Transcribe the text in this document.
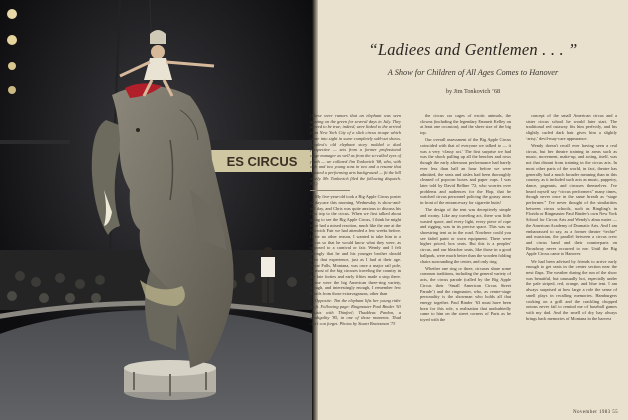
ES CIRCUS
“Ladiees and Gentlemen . . . ”
A Show for Children of All Ages Comes to Hanover
by Jim Tonkovich ’68
(These were rumors that an elephant was seen grazing on the green for several days in July. They proved to be true; indeed, were linked to the arrival from New York City of a slick circus troupe which came into sight in some completely odd-out shows. Amplest's old elephant story molded a dual perspective — sets from a former professional stage manager as well as from the so-called eyes of youth — we collared Jim Tonkovich '68, who, with wife and two young sons in tow and a resume that boasted a performing arts background — fit the bill nicely. Mr. Tonkovich filed the following dispatch. Ed.)

My five-year-old took a Big Apple Circus poster to daycare this morning. Wednesday is show-and-tell day, and Chris was quite anxious to discuss his first trip to the circus. When we first talked about going to see the Big Apple Circus, I think he might have had a mixed reaction, much like the one at the Norwich Fair we had attended a few weeks before. If for no other reason, I wanted to take him to a circus so that he would know what they were, as opposed to a carnival or fair. Wendy and I felt strongly that he and his younger brother should have that experience, just as I had at their age. Great Falls, Montana, was once a major rail pole, so most of the big circuses traveling the country in the late forties and early fifties made a stop there. Those were the big American three-ring variety, though, and interestingly enough, I remember few details from those extravaganzas, other than

Opposite: Tim the elephant lifts her young rider aloft. Following page: Ringmaster Paul Binder '63 assists with Thinfeel; Thaddeus Pardon, a prodigality '85, in one of those moments. Thud can't con forget. Photos by Stuart Bratesman '73

the circus car cages of exotic animals, the clowns (including the legendary Emmett Kelley on at least one occasion), and the sheer size of the big top.

Our overall assessment of the Big Apple Circus coincided with that of everyone we talked to — it was a very ‘classy act.’ The first surprise we had was the shock pulling up all the benches and rows though the early afternoon performance had barely ever less than half an hour before we were admitted, the seats and aisles had been thoroughly cleaned of popcorn boxes and paper cups. I was later told by David Belline '72, who worries over problems and audiences for the Hop, that he watched circus personnel policing the grassy areas in front of the entranceway for cigarette butts!

The design of the tent was deceptively simple and roomy. Like any traveling act, there was little wasted space, and every light, every piece of rope and rigging, was in its precise space. This was no shoestring tent as in the road. Nowhere could you see faded paint or worn equipment. There were higher priced, box seats. But this is a peoples' circus, and our bleacher seats, like those in a good ballpark, were much better than the wooden folding chairs surrounding the center, and only ring.

Whether one ring or three, circuses share some common traditions, including the general variety of acts, the circus parade (called by the Big Apple Circus their ‘Small American Circus Street Parade’) and the ringmaster, who, as centre-stage personality is the showman who holds all that energy together. Paul Binder ’63 must have been born for this role, a realization that undoubtedly came to him on the street corners of Paris as he toyed with the

concept of the small American circus and a sister circus school he would later start. The traditional red cutaway fits him perfectly, and his slightly curled dark hair gives him a slightly ‘artsy,’ devil-may-care appearance.

Wendy doesn't recall ever having seen a real circus, but her theatre training in areas such as music, movement, make-up, and acting, itself, was not that distant from training in the circus arts. In most other parts of the world, in fact, theatre has generally had a much broader meaning than in this country, as it included such acts as music, puppetry, dance, pageants, and circuses themselves. I've heard myself say “circus performers” many times, though never once in the same breath as “stage performer.” I've never thought of the similarities between circus schools, such as Ringling's in Florida or Ringmaster Paul Binder's own New York School for Circus Arts and Wendy's alma mater — the American Academy of Dramatic Arts. And I am embarrassed to say, as a former theatre “techie” and musician, the parallel between a circus crew and circus band and their counterparts on Broadway never occurred to me. Until the Big Apple Circus came to Hanover.

We had been advised by friends to arrive early enough to get seats in the center section near the next flaps. The weather during the run of the show was beautiful, but unusually hot, especially under the pale striped, red, orange, and blue tent. I am always surprised at how large a role the sense of smell plays in recalling memories. Hamburgers cooking on a grill and the crackling chopped onions never fail to remind me of baseball games with my dad. And the smell of dry hay always brings back memories of Montana in the harvest

November 1983 55
